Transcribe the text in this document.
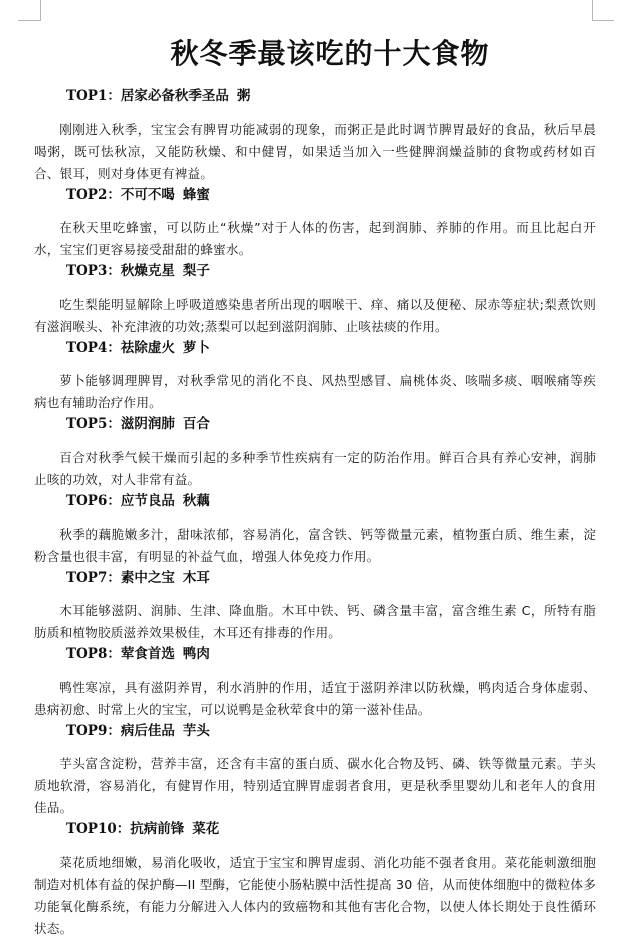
秋冬季最该吃的十大食物
TOP1：居家必备秋季圣品 粥

刚刚进入秋季，宝宝会有脾胃功能减弱的现象，而粥正是此时调节脾胃最好的食品，秋后早晨喝粥，既可怯秋凉，又能防秋燥、和中健胃，如果适当加入一些健脾润燥益肺的食物或药材如百合、银耳，则对身体更有裨益。

TOP2：不可不喝 蜂蜜

在秋天里吃蜂蜜，可以防止“秋燥”对于人体的伤害，起到润肺、养肺的作用。而且比起白开水，宝宝们更容易接受甜甜的蜂蜜水。

TOP3：秋燥克星 梨子

吃生梨能明显解除上呼吸道感染患者所出现的咽喉干、痒、痛以及便秘、尿赤等症状;梨煮饮则有滋润喉头、补充津液的功效;蒸梨可以起到滋阴润肺、止咳祛痰的作用。

TOP4：祛除虚火 萝卜

萝卜能够调理脾胃，对秋季常见的消化不良、风热型感冒、扁桃体炎、咳喘多痰、咽喉痛等疾病也有辅助治疗作用。

TOP5：滋阴润肺 百合

百合对秋季气候干燥而引起的多种季节性疾病有一定的防治作用。鲜百合具有养心安神，润肺止咳的功效，对人非常有益。

TOP6：应节良品 秋藕

秋季的藕脆嫩多汁，甜味浓郁，容易消化，富含铁、钙等微量元素，植物蛋白质、维生素，淀粉含量也很丰富，有明显的补益气血，增强人体免疫力作用。

TOP7：素中之宝 木耳

木耳能够滋阴、润肺、生津、降血脂。木耳中铁、钙、磷含量丰富，富含维生素 C，所特有脂肪质和植物胶质滋养效果极佳，木耳还有排毒的作用。

TOP8：荤食首选 鸭肉

鸭性寒凉，具有滋阴养胃，利水消肿的作用，适宜于滋阴养津以防秋燥，鸭肉适合身体虚弱、患病初愈、时常上火的宝宝，可以说鸭是金秋荤食中的第一滋补佳品。

TOP9：病后佳品 芋头

芋头富含淀粉，营养丰富，还含有丰富的蛋白质、碳水化合物及钙、磷、铁等微量元素。芋头质地软滑，容易消化，有健胃作用，特别适宜脾胃虚弱者食用，更是秋季里婴幼儿和老年人的食用佳品。

TOP10：抗病前锋 菜花

菜花质地细嫩，易消化吸收，适宜于宝宝和脾胃虚弱、消化功能不强者食用。菜花能刺激细胞制造对机体有益的保护酶—II 型酶，它能使小肠粘膜中活性提高 30 倍，从而使体细胞中的微粒体多功能氧化酶系统，有能力分解进入人体内的致癌物和其他有害化合物，以使人体长期处于良性循环状态。
